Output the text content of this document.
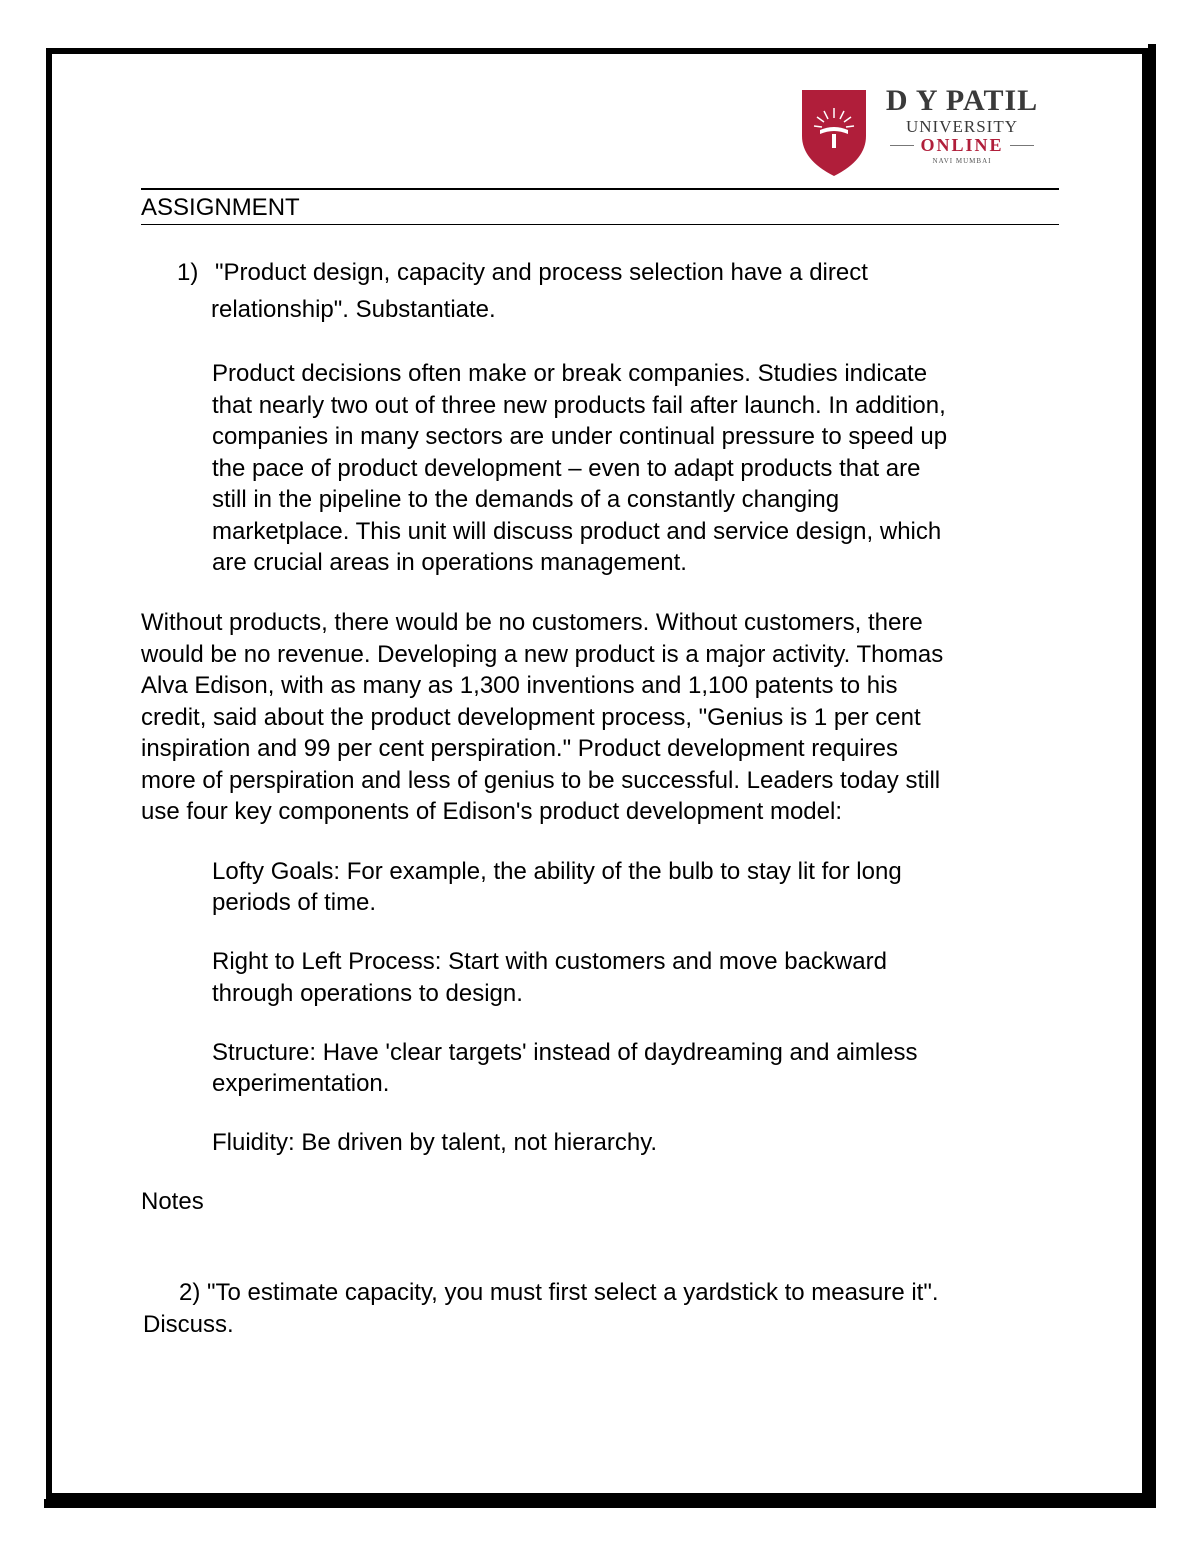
D Y PATIL
UNIVERSITY
ONLINE
NAVI MUMBAI
ASSIGNMENT
1) "Product design, capacity and process selection have a direct
relationship". Substantiate.
Product decisions often make or break companies. Studies indicate
that nearly two out of three new products fail after launch. In addition,
companies in many sectors are under continual pressure to speed up
the pace of product development – even to adapt products that are
still in the pipeline to the demands of a constantly changing
marketplace. This unit will discuss product and service design, which
are crucial areas in operations management.
Without products, there would be no customers. Without customers, there
would be no revenue. Developing a new product is a major activity. Thomas
Alva Edison, with as many as 1,300 inventions and 1,100 patents to his
credit, said about the product development process, "Genius is 1 per cent
inspiration and 99 per cent perspiration." Product development requires
more of perspiration and less of genius to be successful. Leaders today still
use four key components of Edison's product development model:
Lofty Goals: For example, the ability of the bulb to stay lit for long
periods of time.
Right to Left Process: Start with customers and move backward
through operations to design.
Structure: Have 'clear targets' instead of daydreaming and aimless
experimentation.
Fluidity: Be driven by talent, not hierarchy.
Notes
2) "To estimate capacity, you must first select a yardstick to measure it".
Discuss.
